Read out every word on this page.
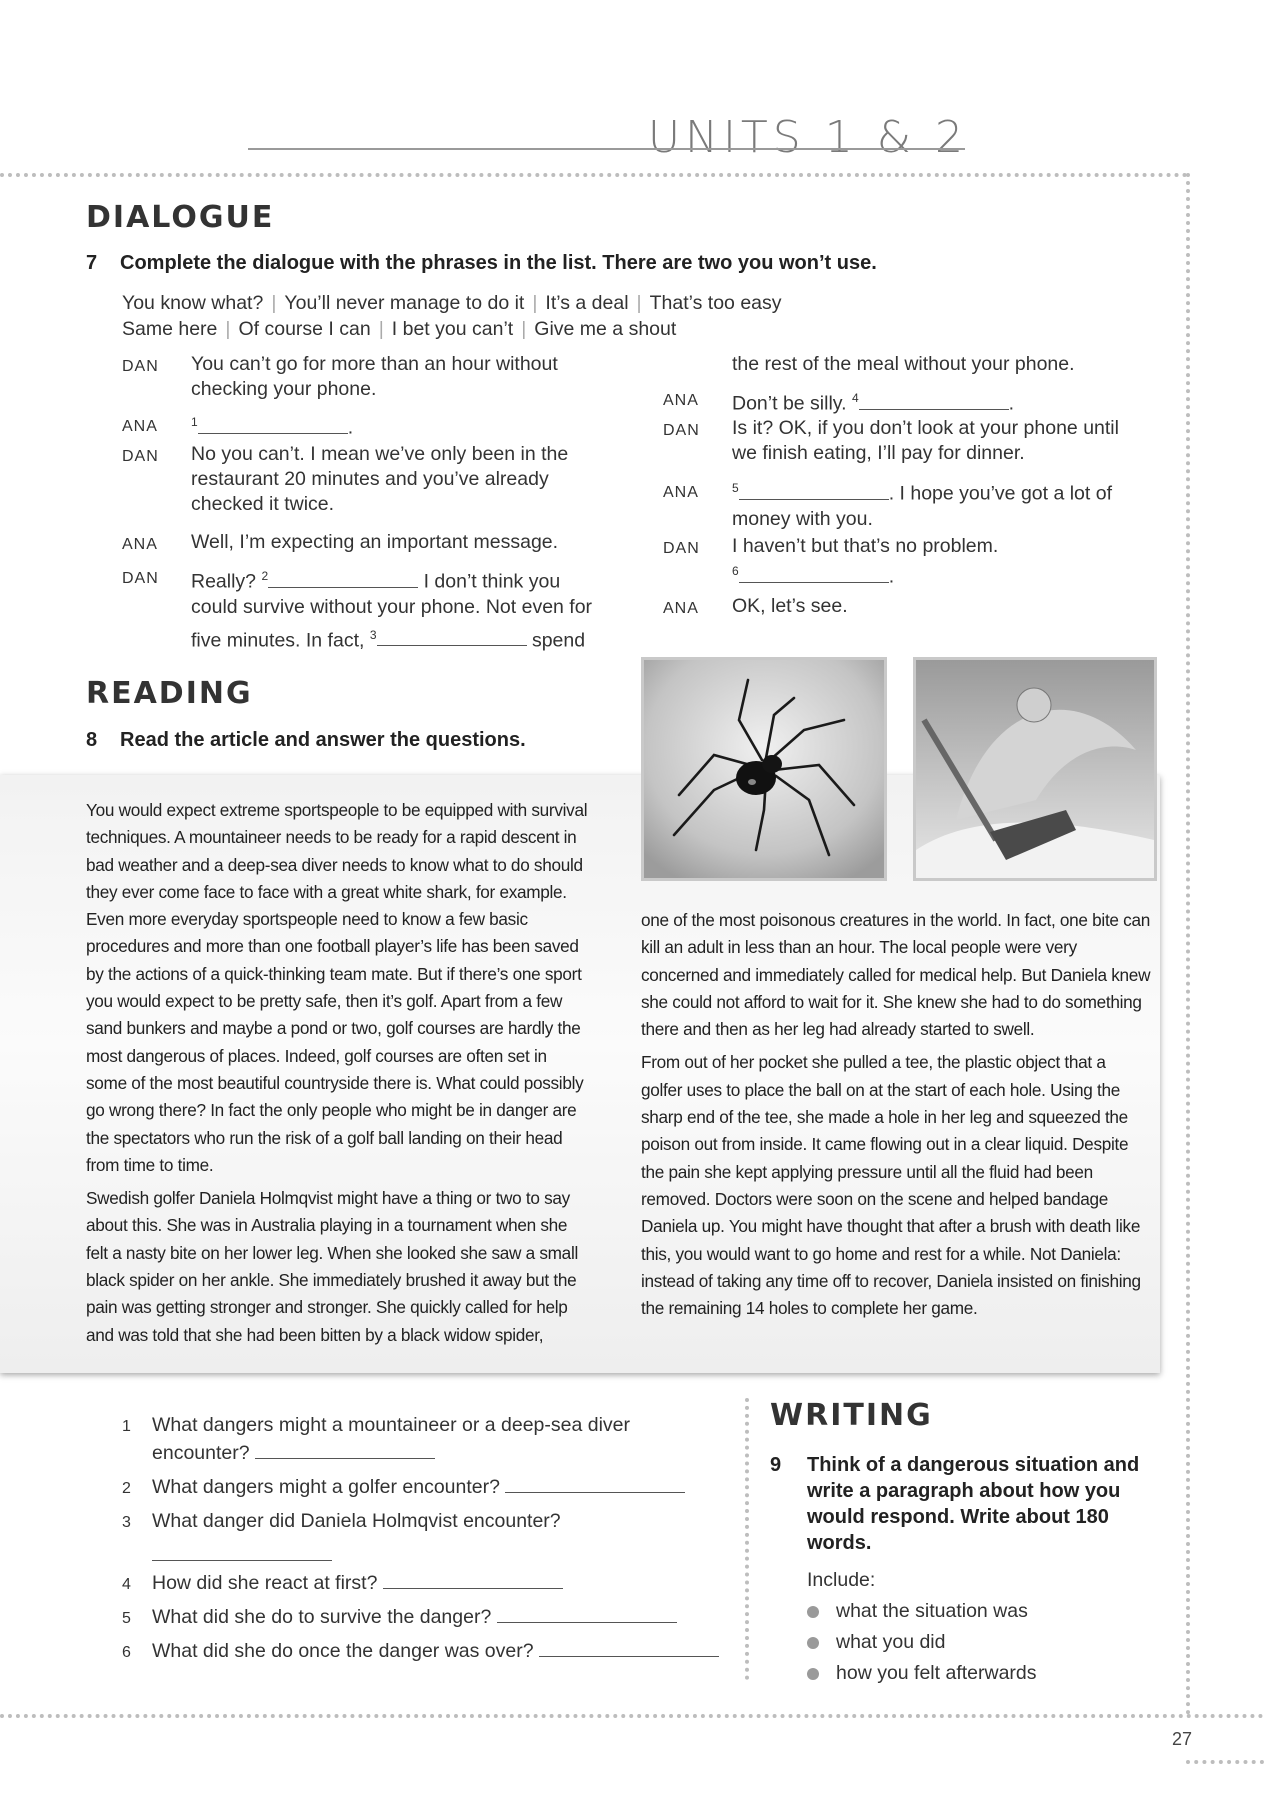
UNITS 1 & 2
DIALOGUE
7 Complete the dialogue with the phrases in the list. There are two you won’t use.
You know what? | You’ll never manage to do it | It’s a deal | That’s too easy
Same here | Of course I can | I bet you can’t | Give me a shout
DAN	You can’t go for more than an hour without
checking your phone.
ANA	$^1$	.
DAN	No you can’t. I mean we’ve only been in the
restaurant 20 minutes and you’ve already
checked it twice.
ANA	Well, I’m expecting an important message.
DAN	Really? $^2$	I don’t think you
could survive without your phone. Not even for
five minutes. In fact, $^3$	spend
the rest of the meal without your phone.
ANA	Don’t be silly. $^4$	.
DAN	Is it? OK, if you don’t look at your phone until
we finish eating, I’ll pay for dinner.
ANA	$^5$	. I hope you’ve got a lot of
money with you.
DAN	I haven’t but that’s no problem.
$^6$	.
ANA	OK, let’s see.
READING
8 Read the article and answer the questions.

You would expect extreme sportspeople to be equipped with survival techniques. A mountaineer needs to be ready for a rapid descent in bad weather and a deep-sea diver needs to know what to do should they ever come face to face with a great white shark, for example. Even more everyday sportspeople need to know a few basic procedures and more than one football player’s life has been saved by the actions of a quick-thinking team mate. But if there’s one sport you would expect to be pretty safe, then it’s golf. Apart from a few sand bunkers and maybe a pond or two, golf courses are hardly the most dangerous of places. Indeed, golf courses are often set in some of the most beautiful countryside there is. What could possibly go wrong there? In fact the only people who might be in danger are the spectators who run the risk of a golf ball landing on their head from time to time.

Swedish golfer Daniela Holmqvist might have a thing or two to say about this. She was in Australia playing in a tournament when she felt a nasty bite on her lower leg. When she looked she saw a small black spider on her ankle. She immediately brushed it away but the pain was getting stronger and stronger. She quickly called for help and was told that she had been bitten by a black widow spider,

one of the most poisonous creatures in the world. In fact, one bite can kill an adult in less than an hour. The local people were very concerned and immediately called for medical help. But Daniela knew she could not afford to wait for it. She knew she had to do something there and then as her leg had already started to swell.

From out of her pocket she pulled a tee, the plastic object that a golfer uses to place the ball on at the start of each hole. Using the sharp end of the tee, she made a hole in her leg and squeezed the poison out from inside. It came flowing out in a clear liquid. Despite the pain she kept applying pressure until all the fluid had been removed. Doctors were soon on the scene and helped bandage Daniela up. You might have thought that after a brush with death like this, you would want to go home and rest for a while. Not Daniela: instead of taking any time off to recover, Daniela insisted on finishing the remaining 14 holes to complete her game.

1 What dangers might a mountaineer or a deep-sea diver
encounter?
2 What dangers might a golfer encounter?
3 What danger did Daniela Holmqvist encounter?
4 How did she react at first?
5 What did she do to survive the danger?
6 What did she do once the danger was over?
WRITING
9 Think of a dangerous situation and
write a paragraph about how you
would respond. Write about 180
words.
Include:
what the situation was
what you did
how you felt afterwards
27
